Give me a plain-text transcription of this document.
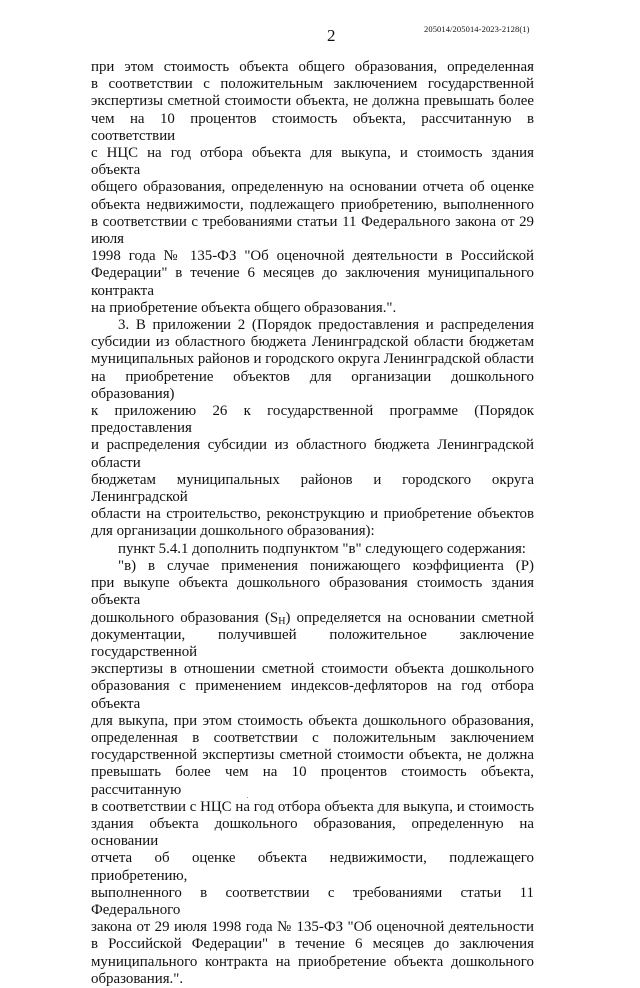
2	205014/205014-2023-2128(1)
при этом стоимость объекта общего образования, определенная
в соответствии с положительным заключением государственной
экспертизы сметной стоимости объекта, не должна превышать более
чем на 10 процентов стоимость объекта, рассчитанную в соответствии
с НЦС на год отбора объекта для выкупа, и стоимость здания объекта
общего образования, определенную на основании отчета об оценке
объекта недвижимости, подлежащего приобретению, выполненного
в соответствии с требованиями статьи 11 Федерального закона от 29 июля
1998 года № 135-ФЗ "Об оценочной деятельности в Российской
Федерации" в течение 6 месяцев до заключения муниципального контракта
на приобретение объекта общего образования.".
3. В приложении 2 (Порядок предоставления и распределения
субсидии из областного бюджета Ленинградской области бюджетам
муниципальных районов и городского округа Ленинградской области
на приобретение объектов для организации дошкольного образования)
к приложению 26 к государственной программе (Порядок предоставления
и распределения субсидии из областного бюджета Ленинградской области
бюджетам муниципальных районов и городского округа Ленинградской
области на строительство, реконструкцию и приобретение объектов
для организации дошкольного образования):
пункт 5.4.1 дополнить подпунктом "в" следующего содержания:
"в) в случае применения понижающего коэффициента (Р)
при выкупе объекта дошкольного образования стоимость здания объекта
дошкольного образования $(S_Н)$ определяется на основании сметной
документации, получившей положительное заключение государственной
экспертизы в отношении сметной стоимости объекта дошкольного
образования с применением индексов-дефляторов на год отбора объекта
для выкупа, при этом стоимость объекта дошкольного образования,
определенная в соответствии с положительным заключением
государственной экспертизы сметной стоимости объекта, не должна
превышать более чем на 10 процентов стоимость объекта, рассчитанную
в соответствии с НЦС на год отбора объекта для выкупа, и стоимость
здания объекта дошкольного образования, определенную на основании
отчета об оценке объекта недвижимости, подлежащего приобретению,
выполненного в соответствии с требованиями статьи 11 Федерального
закона от 29 июля 1998 года № 135-ФЗ "Об оценочной деятельности
в Российской Федерации" в течение 6 месяцев до заключения
муниципального контракта на приобретение объекта дошкольного
образования.".
